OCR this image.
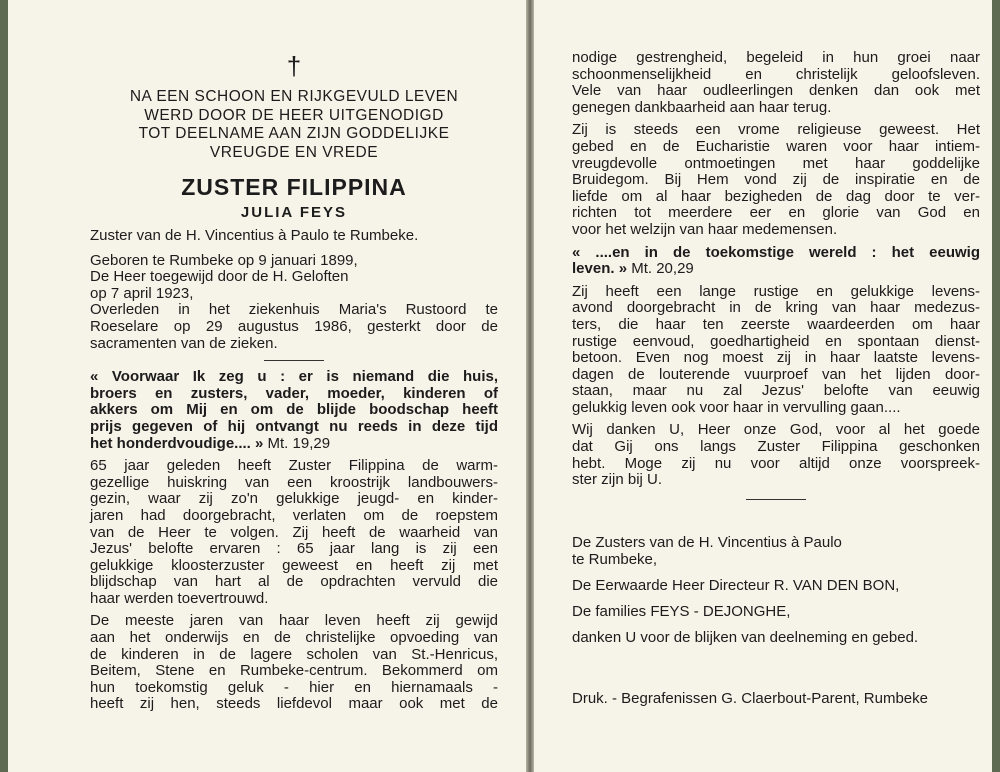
†
NA EEN SCHOON EN RIJKGEVULD LEVEN
WERD DOOR DE HEER UITGENODIGD
TOT DEELNAME AAN ZIJN GODDELIJKE
VREUGDE EN VREDE
ZUSTER FILIPPINA
JULIA FEYS
Zuster van de H. Vincentius à Paulo te Rumbeke.
Geboren te Rumbeke op 9 januari 1899,
De Heer toegewijd door de H. Geloften
op 7 april 1923,
Overleden in het ziekenhuis Maria's Rustoord te
Roeselare op 29 augustus 1986, gesterkt door de
sacramenten van de zieken.
« Voorwaar Ik zeg u : er is niemand die huis,
broers en zusters, vader, moeder, kinderen of
akkers om Mij en om de blijde boodschap heeft
prijs gegeven of hij ontvangt nu reeds in deze tijd
het honderdvoudige.... » Mt. 19,29
65 jaar geleden heeft Zuster Filippina de warm-
gezellige huiskring van een kroostrijk landbouwers-
gezin, waar zij zo'n gelukkige jeugd- en kinder-
jaren had doorgebracht, verlaten om de roepstem
van de Heer te volgen. Zij heeft de waarheid van
Jezus' belofte ervaren : 65 jaar lang is zij een
gelukkige kloosterzuster geweest en heeft zij met
blijdschap van hart al de opdrachten vervuld die
haar werden toevertrouwd.
De meeste jaren van haar leven heeft zij gewijd
aan het onderwijs en de christelijke opvoeding van
de kinderen in de lagere scholen van St.-Henricus,
Beitem, Stene en Rumbeke-centrum. Bekommerd om
hun toekomstig geluk - hier en hiernamaals -
heeft zij hen, steeds liefdevol maar ook met de
nodige gestrengheid, begeleid in hun groei naar
schoonmenselijkheid en christelijk geloofsleven.
Vele van haar oudleerlingen denken dan ook met
genegen dankbaarheid aan haar terug.
Zij is steeds een vrome religieuse geweest. Het
gebed en de Eucharistie waren voor haar intiem-
vreugdevolle ontmoetingen met haar goddelijke
Bruidegom. Bij Hem vond zij de inspiratie en de
liefde om al haar bezigheden de dag door te ver-
richten tot meerdere eer en glorie van God en
voor het welzijn van haar medemensen.
« ....en in de toekomstige wereld : het eeuwig
leven. » Mt. 20,29
Zij heeft een lange rustige en gelukkige levens-
avond doorgebracht in de kring van haar medezus-
ters, die haar ten zeerste waardeerden om haar
rustige eenvoud, goedhartigheid en spontaan dienst-
betoon. Even nog moest zij in haar laatste levens-
dagen de louterende vuurproef van het lijden door-
staan, maar nu zal Jezus' belofte van eeuwig
gelukkig leven ook voor haar in vervulling gaan....
Wij danken U, Heer onze God, voor al het goede
dat Gij ons langs Zuster Filippina geschonken
hebt. Moge zij nu voor altijd onze voorspreek-
ster zijn bij U.
De Zusters van de H. Vincentius à Paulo
te Rumbeke,
De Eerwaarde Heer Directeur R. VAN DEN BON,
De families FEYS - DEJONGHE,
danken U voor de blijken van deelneming en gebed.
Druk. - Begrafenissen G. Claerbout-Parent, Rumbeke
